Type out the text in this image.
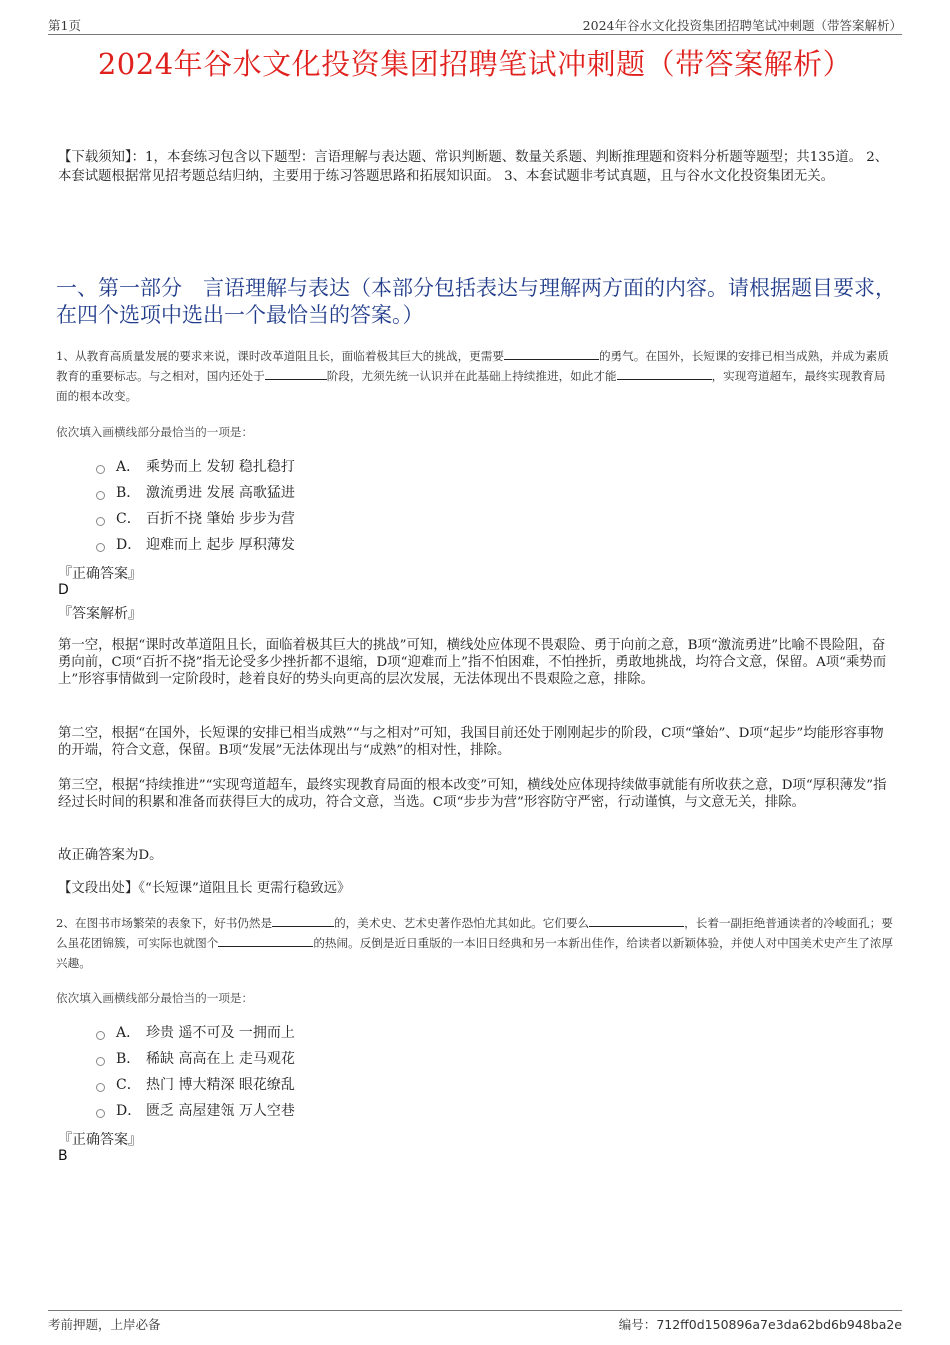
第1页	2024年谷水文化投资集团招聘笔试冲刺题（带答案解析）
2024年谷水文化投资集团招聘笔试冲刺题（带答案解析）
【下载须知】：1，本套练习包含以下题型：言语理解与表达题、常识判断题、数量关系题、判断推理题和资料分析题等题型；共135道。 2、本套试题根据常见招考题总结归纳，主要用于练习答题思路和拓展知识面。 3、本套试题非考试真题，且与谷水文化投资集团无关。
一、第一部分　言语理解与表达（本部分包括表达与理解两方面的内容。请根据题目要求，在四个选项中选出一个最恰当的答案。）
1、从教育高质量发展的要求来说，课时改革道阻且长，面临着极其巨大的挑战，更需要	的勇气。在国外，长短课的安排已相当成熟，并成为素质教育的重要标志。与之相对，国内还处于	阶段，尤须先统一认识并在此基础上持续推进，如此才能	，实现弯道超车，最终实现教育局面的根本改变。
依次填入画横线部分最恰当的一项是：
A． 乘势而上 发轫 稳扎稳打
B． 激流勇进 发展 高歌猛进
C． 百折不挠 肇始 步步为营
D． 迎难而上 起步 厚积薄发
『正确答案』
D
『答案解析』
第一空，根据“课时改革道阻且长，面临着极其巨大的挑战”可知，横线处应体现不畏艰险、勇于向前之意，B项“激流勇进”比喻不畏险阻，奋勇向前，C项“百折不挠”指无论受多少挫折都不退缩，D项“迎难而上”指不怕困难，不怕挫折，勇敢地挑战，均符合文意，保留。A项“乘势而上”形容事情做到一定阶段时，趁着良好的势头向更高的层次发展，无法体现出不畏艰险之意，排除。
第二空，根据“在国外，长短课的安排已相当成熟”“与之相对”可知，我国目前还处于刚刚起步的阶段，C项“肇始”、D项“起步”均能形容事物的开端，符合文意，保留。B项“发展”无法体现出与“成熟”的相对性，排除。
第三空，根据“持续推进”“实现弯道超车，最终实现教育局面的根本改变”可知，横线处应体现持续做事就能有所收获之意，D项“厚积薄发”指经过长时间的积累和准备而获得巨大的成功，符合文意，当选。C项“步步为营”形容防守严密，行动谨慎，与文意无关，排除。
故正确答案为D。
【文段出处】《“长短课”道阻且长 更需行稳致远》
2、在图书市场繁荣的表象下，好书仍然是	的，美术史、艺术史著作恐怕尤其如此。它们要么	，长着一副拒绝普通读者的冷峻面孔；要么虽花团锦簇，可实际也就图个	的热闹。反倒是近日重版的一本旧日经典和另一本新出佳作，给读者以新颖体验，并使人对中国美术史产生了浓厚兴趣。
依次填入画横线部分最恰当的一项是：
A． 珍贵 遥不可及 一拥而上
B． 稀缺 高高在上 走马观花
C． 热门 博大精深 眼花缭乱
D． 匮乏 高屋建瓴 万人空巷
『正确答案』
B
考前押题，上岸必备	编号：712ff0d150896a7e3da62bd6b948ba2e
